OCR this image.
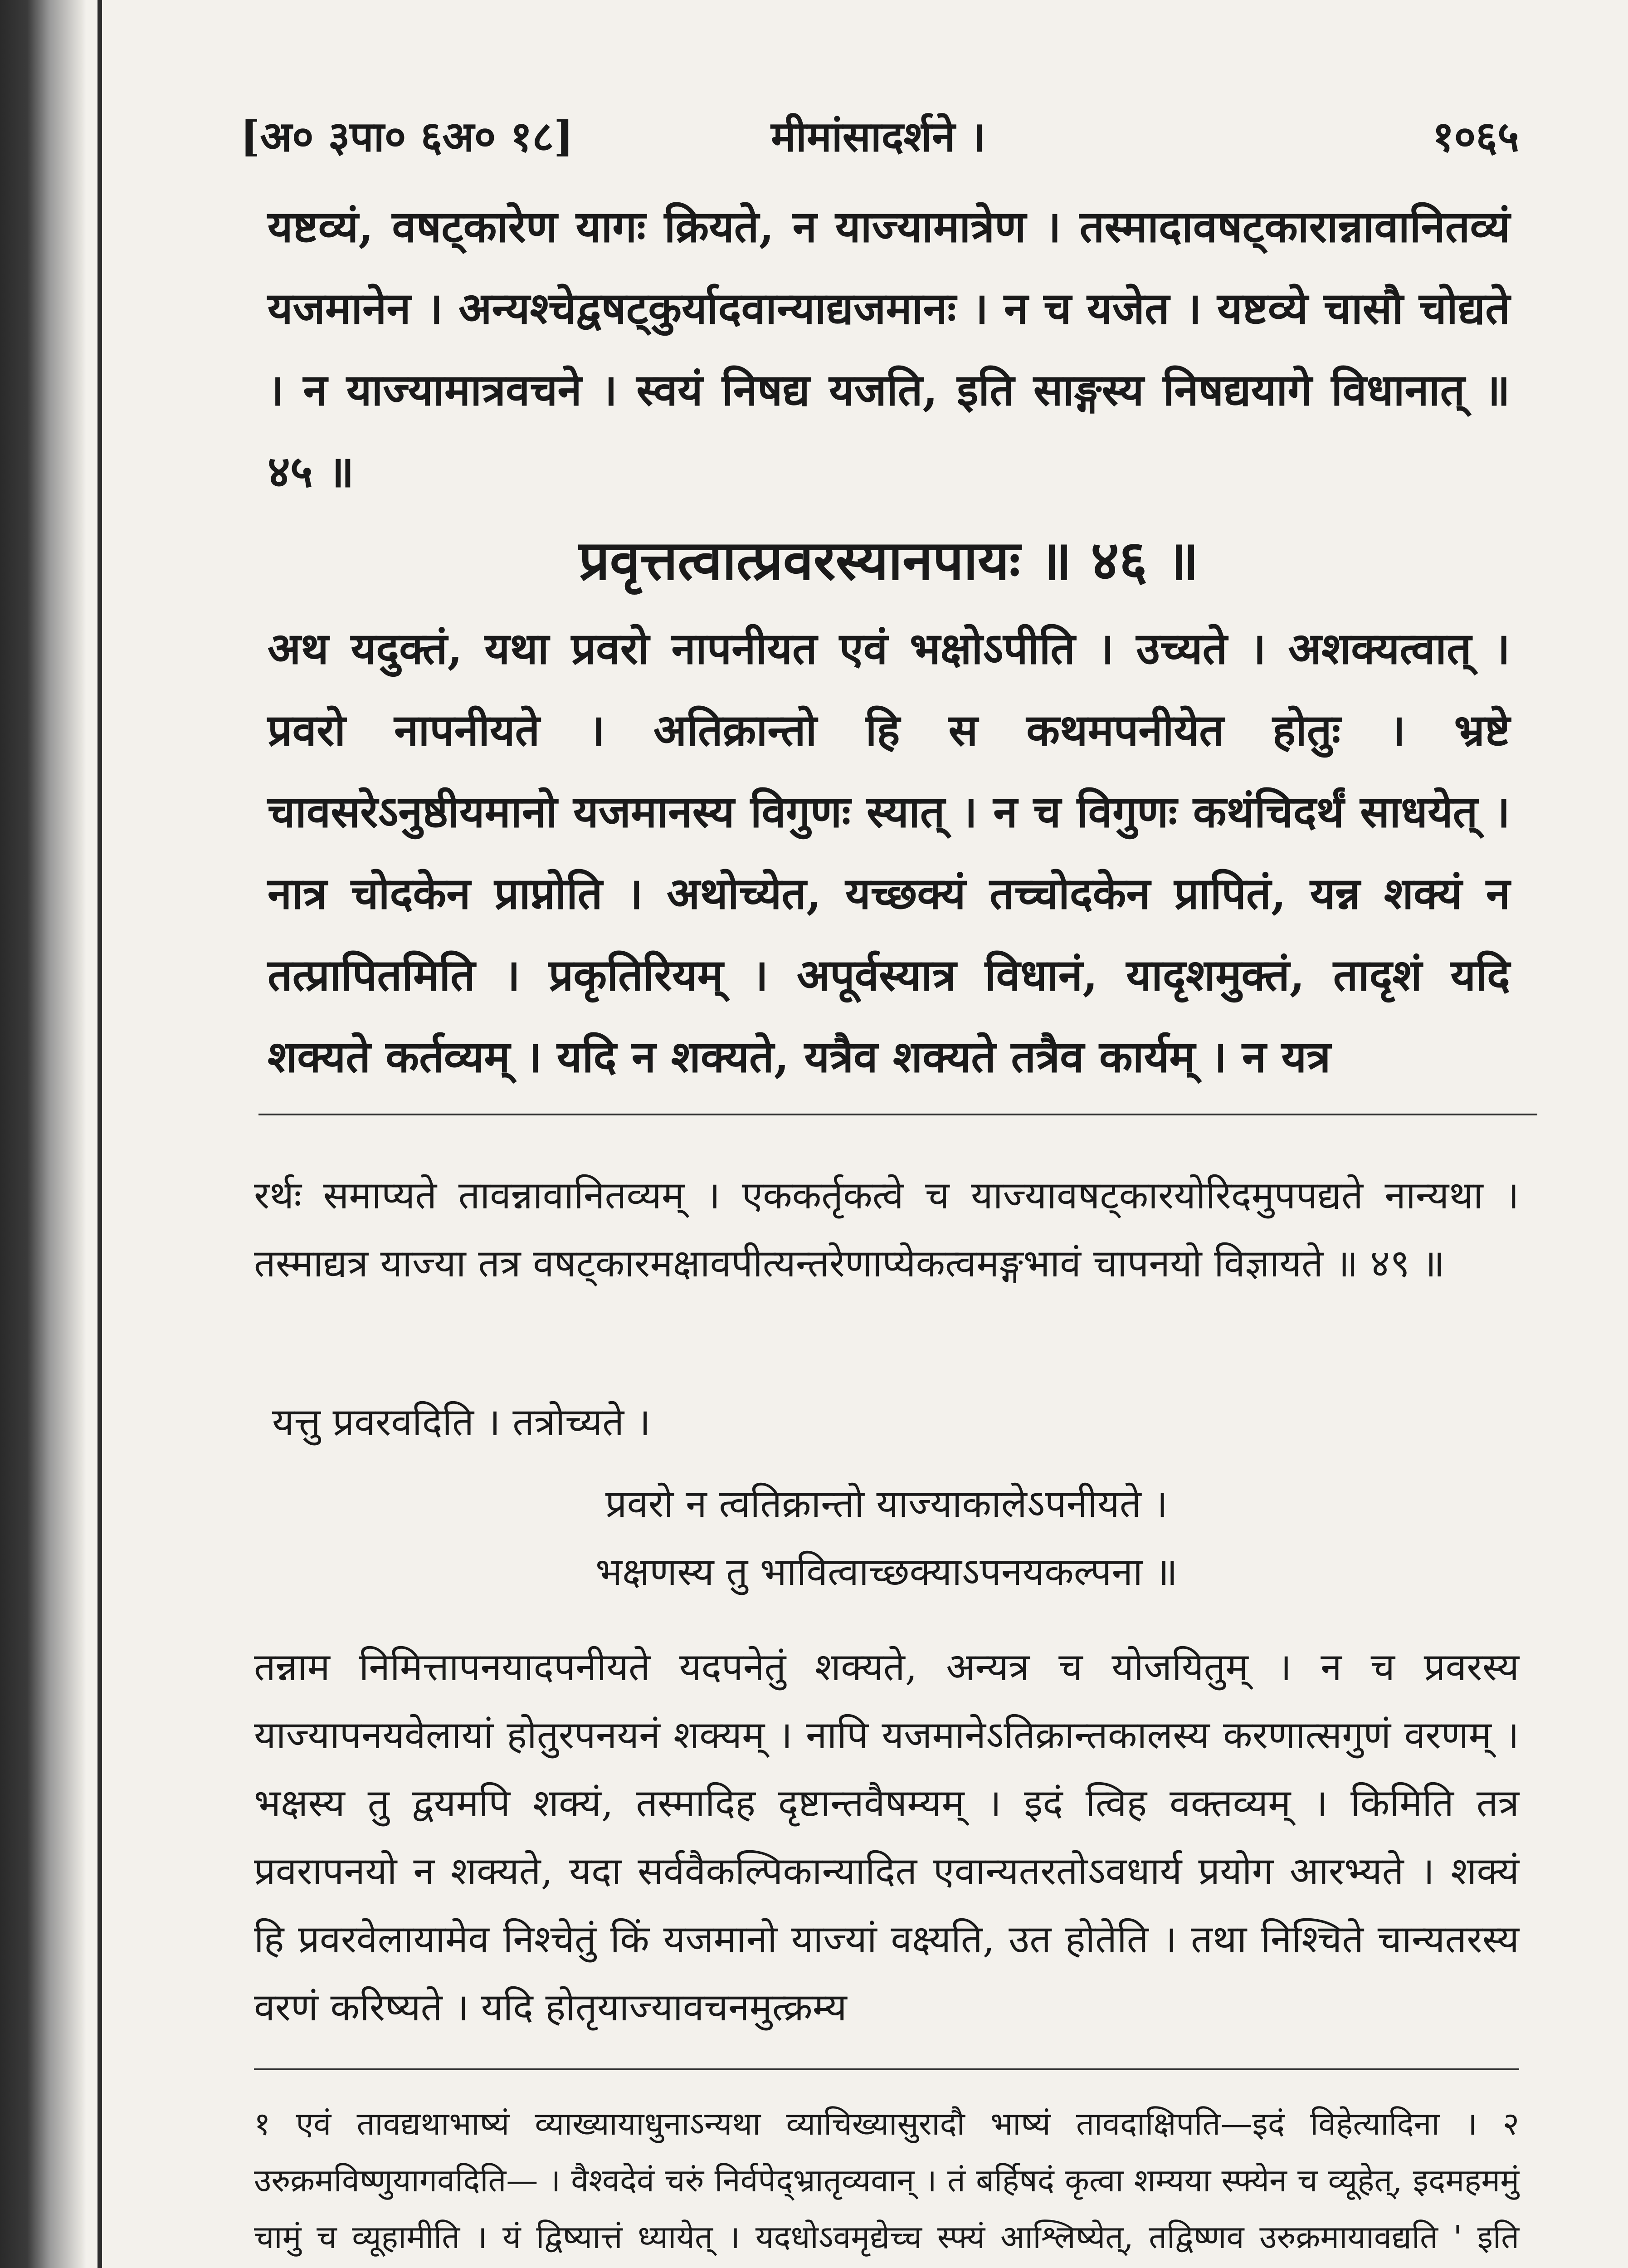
[अ० ३पा० ६अ० १८]	मीमांसादर्शने ।	१०६५

यष्टव्यं, वषट्कारेण यागः क्रियते, न याज्यामात्रेण । तस्मादावषट्कारान्नावानितव्यं यजमानेन । अन्यश्चेद्वषट्कुर्यादवान्याद्यजमानः । न च यजेत । यष्टव्ये चासौ चोद्यते । न याज्यामात्रवचने । स्वयं निषद्य यजति, इति साङ्गस्य निषद्ययागे विधानात् ॥ ४५ ॥

प्रवृत्तत्वात्प्रवरस्यानपायः ॥ ४६ ॥

अथ यदुक्तं, यथा प्रवरो नापनीयत एवं भक्षोऽपीति । उच्यते । अशक्यत्वात् । प्रवरो नापनीयते । अतिक्रान्तो हि स कथमपनीयेत होतुः । भ्रष्टे चावसरेऽनुष्ठीयमानो यजमानस्य विगुणः स्यात् । न च विगुणः कथंचिदर्थं साधयेत् । नात्र चोदकेन प्राप्नोति । अथोच्येत, यच्छक्यं तच्चोदकेन प्रापितं, यन्न शक्यं न तत्प्रापितमिति । प्रकृतिरियम् । अपूर्वस्यात्र विधानं, यादृशमुक्तं, तादृशं यदि शक्यते कर्तव्यम् । यदि न शक्यते, यत्रैव शक्यते तत्रैव कार्यम् । न यत्र

रर्थः समाप्यते तावन्नावानितव्यम् । एककर्तृकत्वे च याज्यावषट्कारयोरिदमुपपद्यते नान्यथा । तस्माद्यत्र याज्या तत्र वषट्कारमक्षावपीत्यन्तरेणाप्येकत्वमङ्गभावं चापनयो विज्ञायते ॥ ४९ ॥

यत्तु प्रवरवदिति । तत्रोच्यते ।

प्रवरो न त्वतिक्रान्तो याज्याकालेऽपनीयते ।
भक्षणस्य तु भावित्वाच्छक्याऽपनयकल्पना ॥

तन्नाम निमित्तापनयादपनीयते यदपनेतुं शक्यते, अन्यत्र च योजयितुम् । न च प्रवरस्य याज्यापनयवेलायां होतुरपनयनं शक्यम् । नापि यजमानेऽतिक्रान्तकालस्य करणात्सगुणं वरणम् । भक्षस्य तु द्वयमपि शक्यं, तस्मादिह दृष्टान्तवैषम्यम् । इदं त्विह वक्तव्यम् । किमिति तत्र प्रवरापनयो न शक्यते, यदा सर्ववैकल्पिकान्यादित एवान्यतरतोऽवधार्य प्रयोग आरभ्यते । शक्यं हि प्रवरवेलायामेव निश्चेतुं किं यजमानो याज्यां वक्ष्यति, उत होतेति । तथा निश्चिते चान्यतरस्य वरणं करिष्यते । यदि होतृयाज्यावचनमुत्क्रम्य

१ एवं तावद्यथाभाष्यं व्याख्यायाधुनाऽन्यथा व्याचिख्यासुरादौ भाष्यं तावदाक्षिपति—इदं विहेत्यादिना । २ उरुक्रमविष्णुयागवदिति— । वैश्वदेवं चरुं निर्वपेद्भ्रातृव्यवान् । तं बर्हिषदं कृत्वा शम्यया स्फ्येन च व्यूहेत्, इदमहममुं चामुं च व्यूहामीति । यं द्विष्यात्तं ध्यायेत् । यदधोऽवमृद्येच्च स्फ्यं आश्लिष्येत्, तद्विष्णव उरुक्रमायावद्यति ' इति
